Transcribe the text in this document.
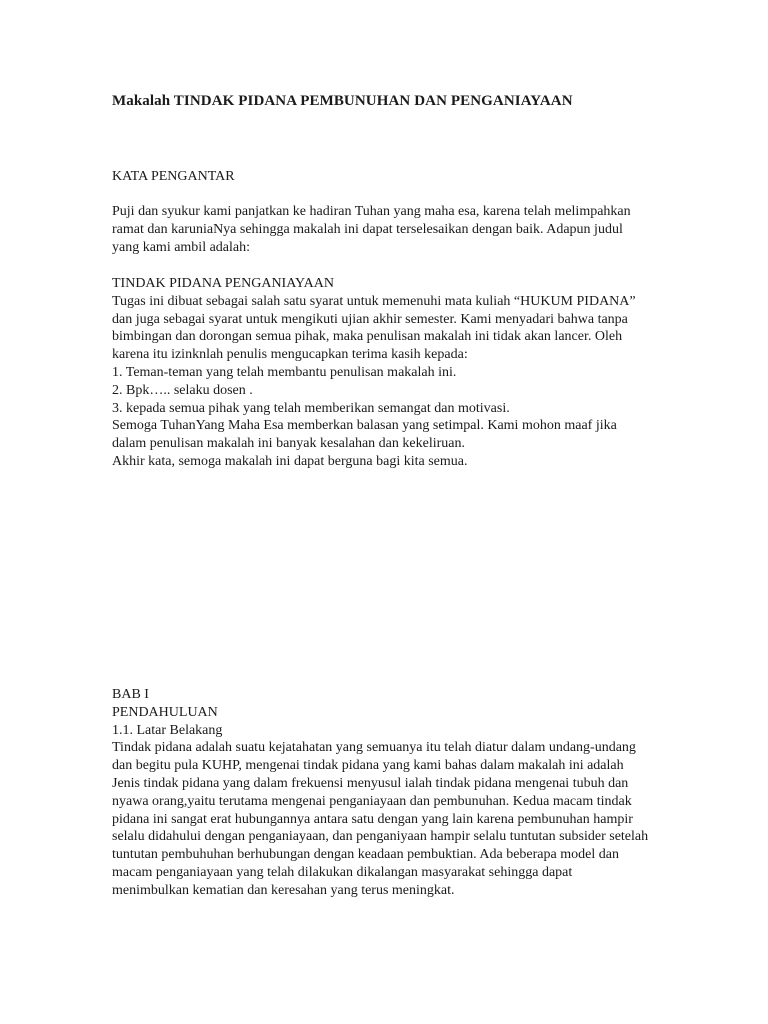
Makalah TINDAK PIDANA PEMBUNUHAN DAN PENGANIAYAAN
KATA PENGANTAR
Puji dan syukur kami panjatkan ke hadiran Tuhan yang maha esa, karena telah melimpahkan ramat dan karuniaNya sehingga makalah ini dapat terselesaikan dengan baik. Adapun judul yang kami ambil adalah:
TINDAK PIDANA PENGANIAYAAN
Tugas ini dibuat sebagai salah satu syarat untuk memenuhi mata kuliah “HUKUM PIDANA” dan juga sebagai syarat untuk mengikuti ujian akhir semester. Kami menyadari bahwa tanpa bimbingan dan dorongan semua pihak, maka penulisan makalah ini tidak akan lancer. Oleh karena itu izinknlah penulis mengucapkan terima kasih kepada:
1. Teman-teman yang telah membantu penulisan makalah ini.
2. Bpk….. selaku dosen .
3. kepada semua pihak yang telah memberikan semangat dan motivasi.
Semoga TuhanYang Maha Esa memberkan balasan yang setimpal. Kami mohon maaf jika dalam penulisan makalah ini banyak kesalahan dan kekeliruan.
Akhir kata, semoga makalah ini dapat berguna bagi kita semua.
BAB I
PENDAHULUAN
1.1. Latar Belakang
Tindak pidana adalah suatu kejatahatan yang semuanya itu telah diatur dalam undang-undang dan begitu pula KUHP, mengenai tindak pidana yang kami bahas dalam makalah ini adalah Jenis tindak pidana yang dalam frekuensi menyusul ialah tindak pidana mengenai tubuh dan nyawa orang,yaitu terutama mengenai penganiayaan dan pembunuhan. Kedua macam tindak pidana ini sangat erat hubungannya antara satu dengan yang lain karena pembunuhan hampir selalu didahului dengan penganiayaan, dan penganiyaan hampir selalu tuntutan subsider setelah tuntutan pembuhuhan berhubungan dengan keadaan pembuktian. Ada beberapa model dan macam penganiayaan yang telah dilakukan dikalangan masyarakat sehingga dapat menimbulkan kematian dan keresahan yang terus meningkat.
